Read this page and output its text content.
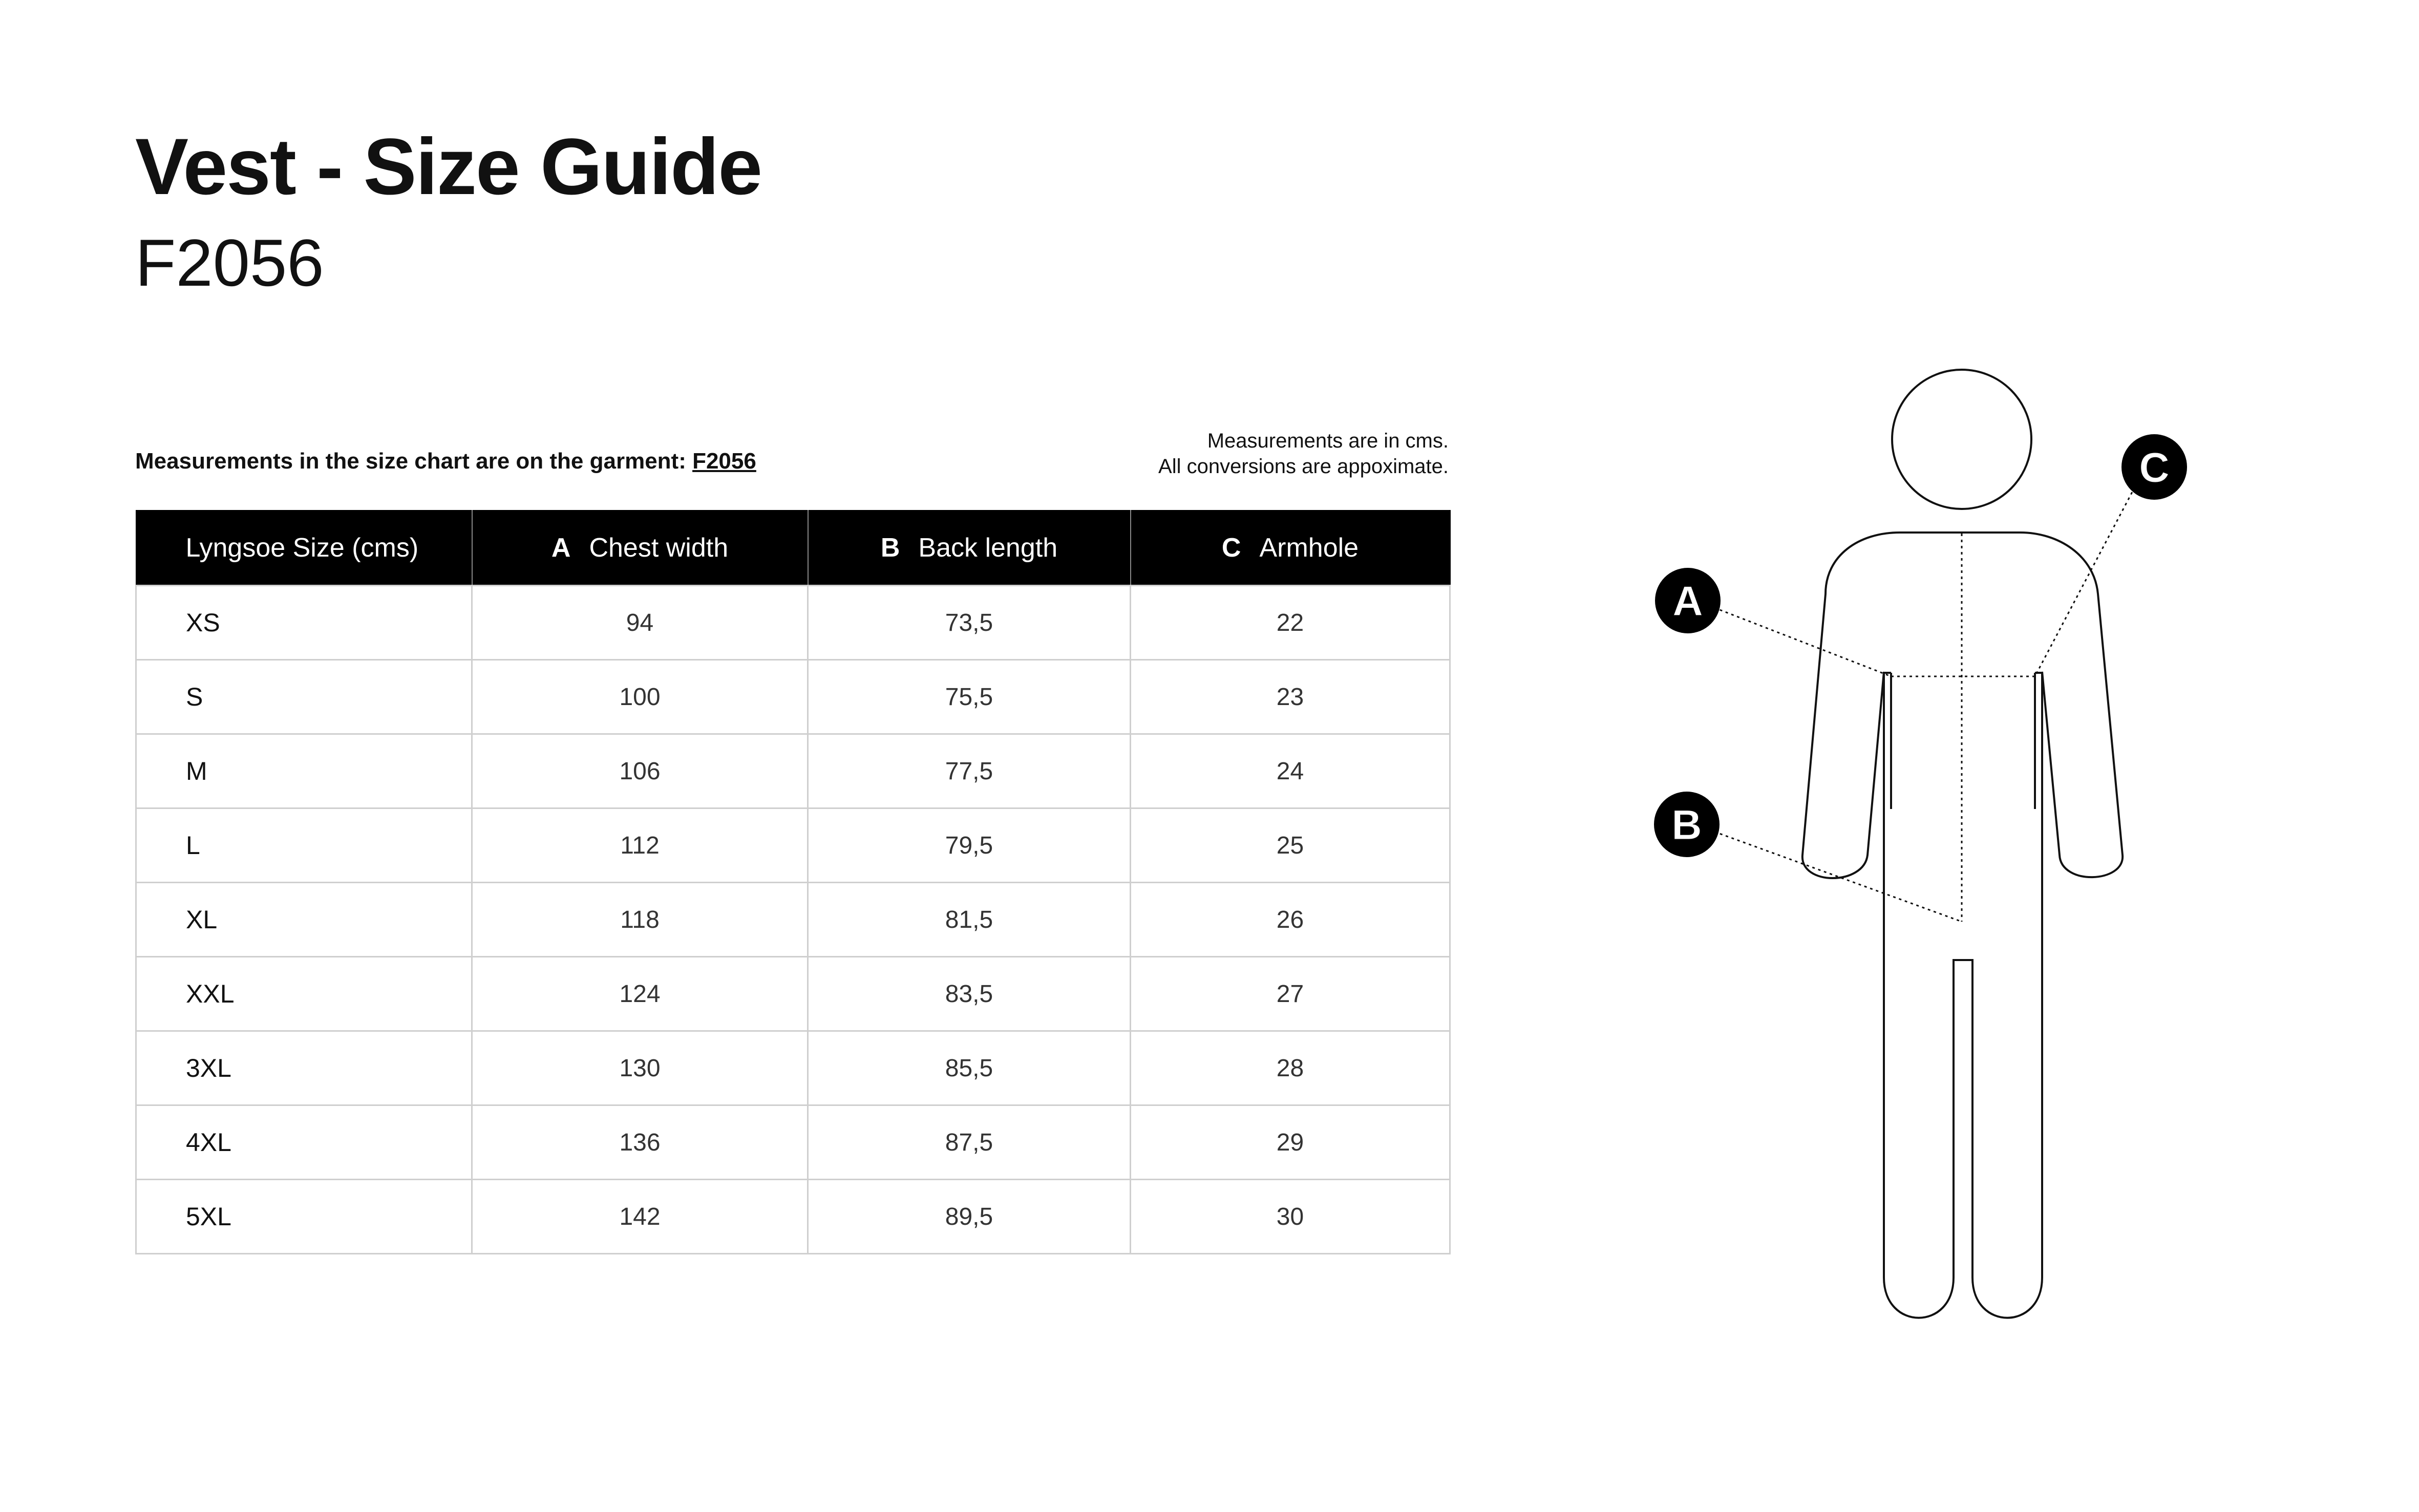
Vest - Size Guide
F2056
Measurements in the size chart are on the garment: F2056
Measurements are in cms.
All conversions are appoximate.
Lyngsoe Size (cms)	A Chest width	B Back length	C Armhole
XS	94	73,5	22
S	100	75,5	23
M	106	77,5	24
L	112	79,5	25
XL	118	81,5	26
XXL	124	83,5	27
3XL	130	85,5	28
4XL	136	87,5	29
5XL	142	89,5	30
A
B
C
